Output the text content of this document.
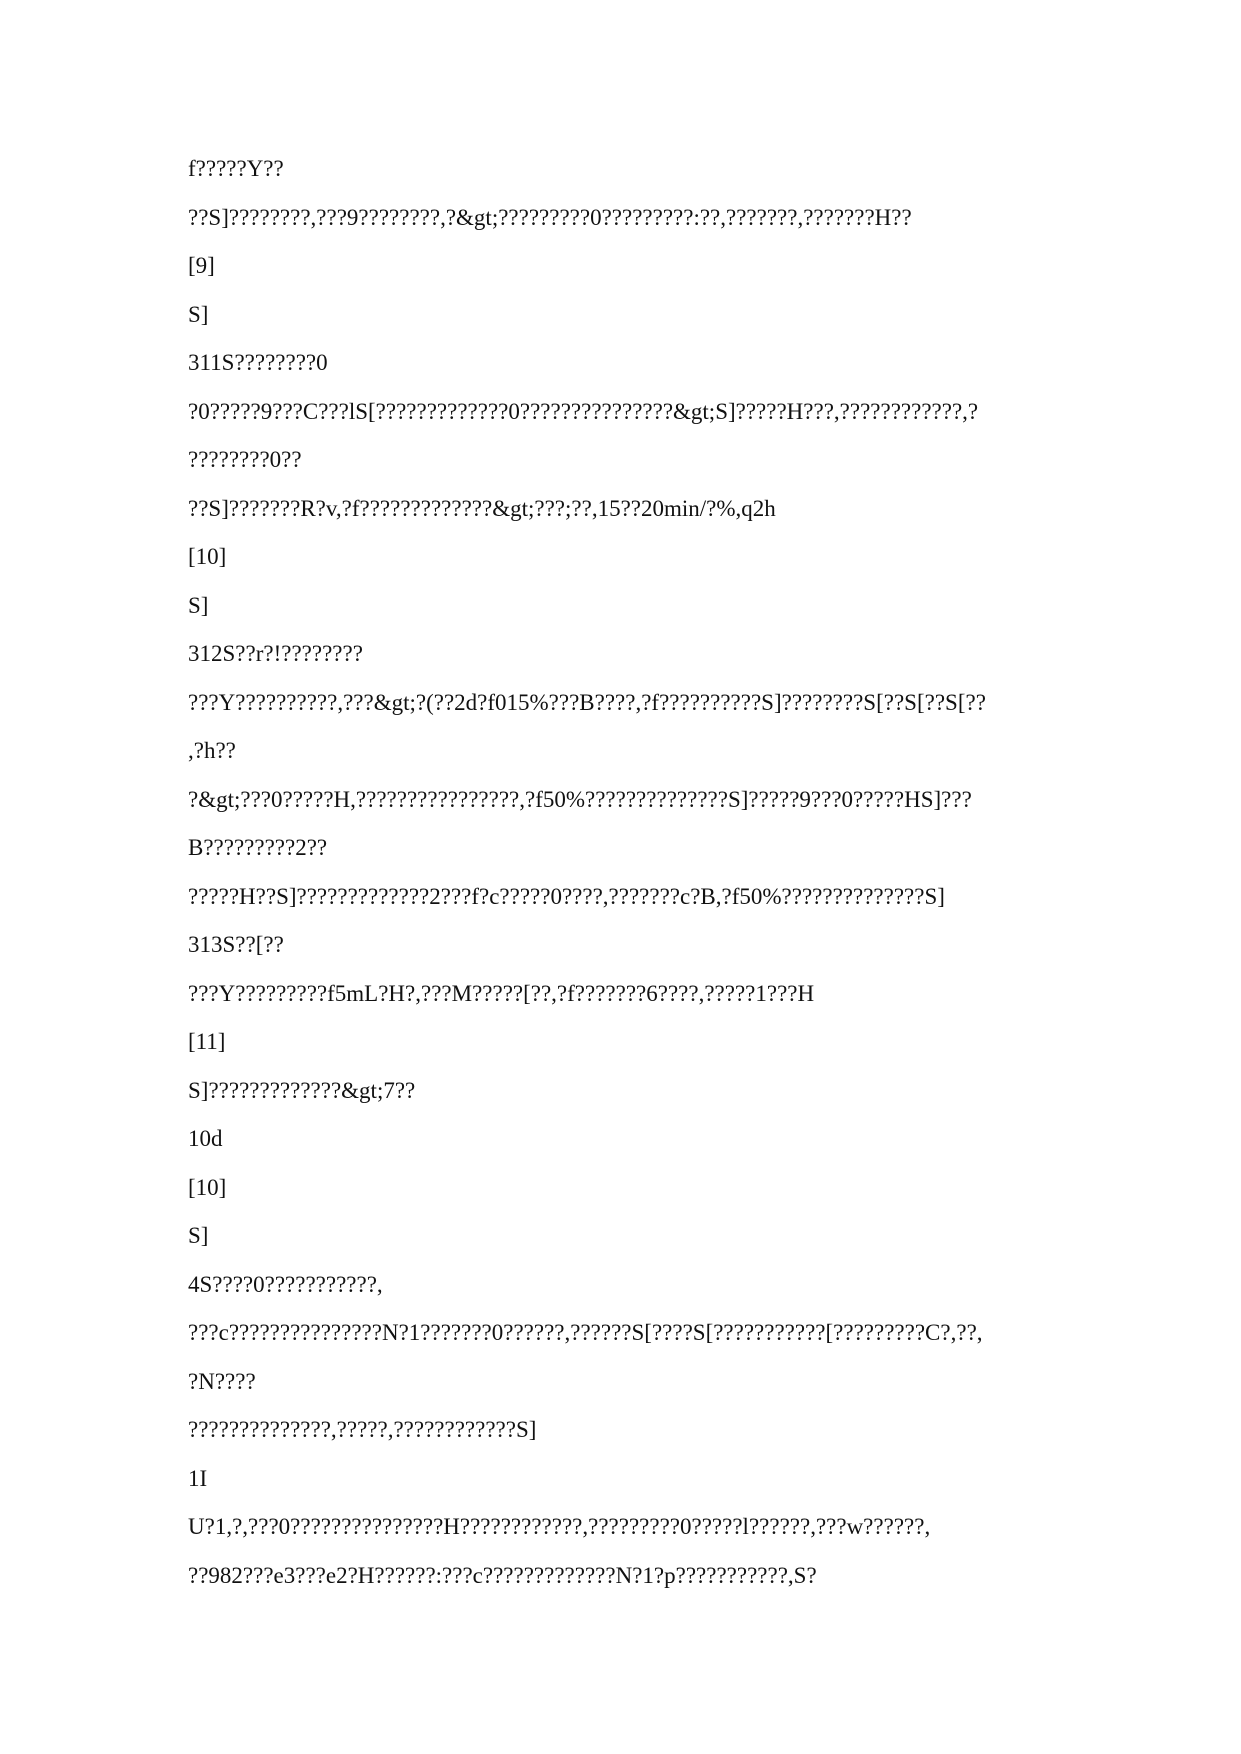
f?????Y??
??S]????????,???9????????,?&gt;?????????0?????????:??,???????,???????H??
[9]
S]
311S????????0
?0?????9???C???lS[?????????????0???????????????&gt;S]?????H???,????????????,?
????????0??
??S]???????R?v,?f?????????????&gt;???;??,15??20min/?%,q2h
[10]
S]
312S??r?!????????
???Y??????????,???&gt;?(??2d?f015%???B????,?f??????????S]????????S[??S[??S[??
,?h??
?&gt;???0?????H,????????????????,?f50%??????????????S]?????9???0?????HS]???
B?????????2??
?????H??S]?????????????2???f?c?????0????,???????c?B,?f50%??????????????S]
313S??[??
???Y?????????f5mL?H?,???M?????[??,?f???????6????,?????1???H
[11]
S]?????????????&gt;7??
10d
[10]
S]
4S????0???????????,
???c???????????????N?1???????0??????,??????S[????S[???????????[?????????C?,??,
?N????
??????????????,?????,????????????S]
1I
U?1,?,???0???????????????H????????????,?????????0?????l??????,???w??????,
??982???e3???e2?H??????:???c?????????????N?1?p???????????,S?
